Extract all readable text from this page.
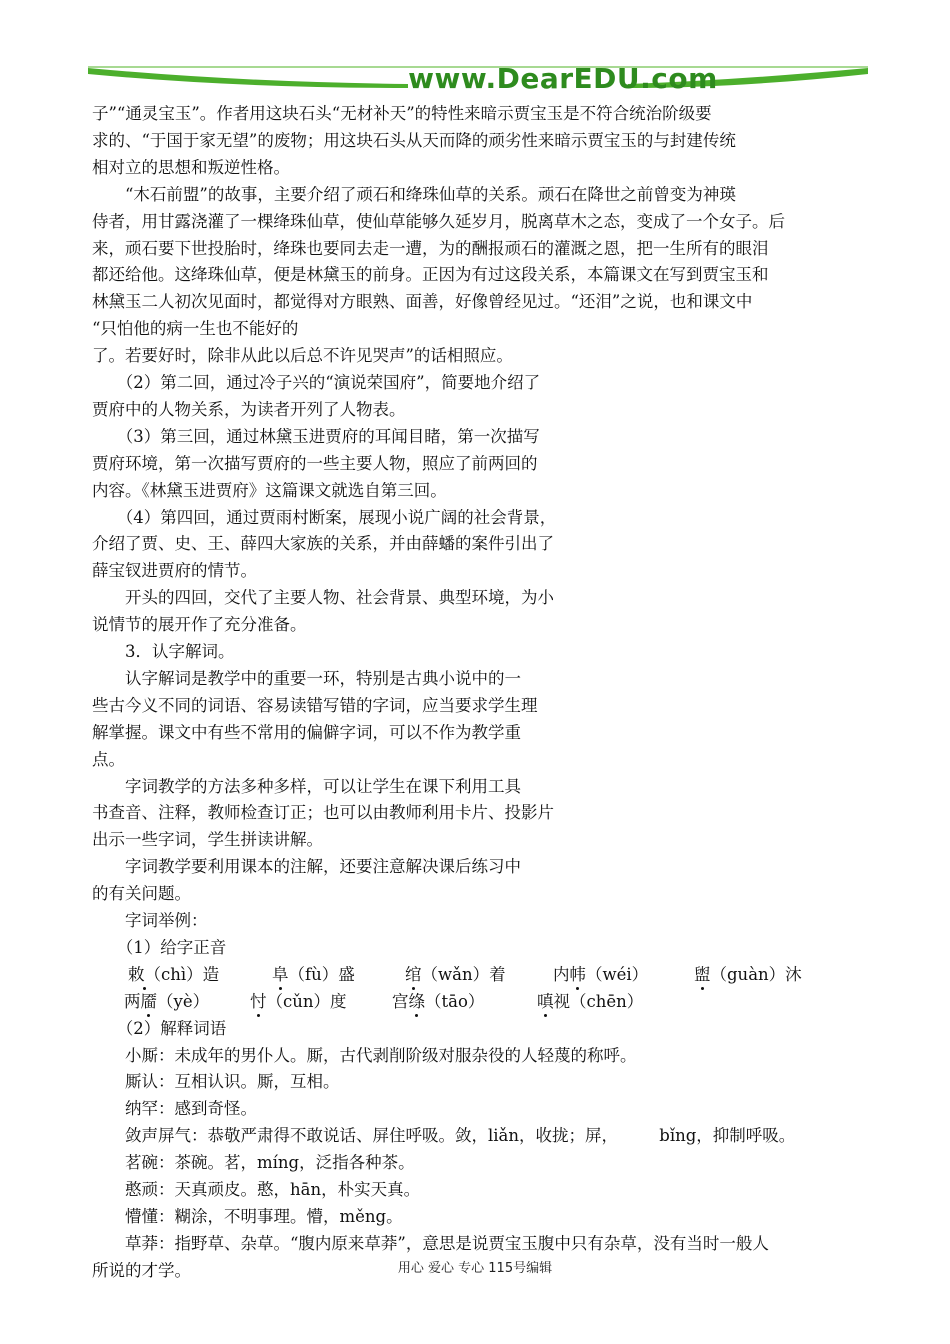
www.DearEDU.com
子”“通灵宝玉”。作者用这块石头“无材补天”的特性来暗示贾宝玉是不符合统治阶级要
求的、“于国于家无望”的废物；用这块石头从天而降的顽劣性来暗示贾宝玉的与封建传统
相对立的思想和叛逆性格。
　　“木石前盟”的故事，主要介绍了顽石和绛珠仙草的关系。顽石在降世之前曾变为神瑛
侍者，用甘露浇灌了一棵绛珠仙草，使仙草能够久延岁月，脱离草木之态，变成了一个女子。后
来，顽石要下世投胎时，绛珠也要同去走一遭，为的酬报顽石的灌溉之恩，把一生所有的眼泪
都还给他。这绛珠仙草，便是林黛玉的前身。正因为有过这段关系，本篇课文在写到贾宝玉和
林黛玉二人初次见面时，都觉得对方眼熟、面善，好像曾经见过。“还泪”之说，也和课文中
“只怕他的病一生也不能好的
了。若要好时，除非从此以后总不许见哭声”的话相照应。
　　（2）第二回，通过冷子兴的“演说荣国府”，简要地介绍了
贾府中的人物关系，为读者开列了人物表。
　　（3）第三回，通过林黛玉进贾府的耳闻目睹，第一次描写
贾府环境，第一次描写贾府的一些主要人物，照应了前两回的
内容。《林黛玉进贾府》这篇课文就选自第三回。
　　（4）第四回，通过贾雨村断案，展现小说广阔的社会背景，
介绍了贾、史、王、薛四大家族的关系，并由薛蟠的案件引出了
薛宝钗进贾府的情节。
　　开头的四回，交代了主要人物、社会背景、典型环境，为小
说情节的展开作了充分准备。
　　3．认字解词。
　　认字解词是教学中的重要一环，特别是古典小说中的一
些古今义不同的词语、容易读错写错的字词，应当要求学生理
解掌握。课文中有些不常用的偏僻字词，可以不作为教学重
点。
　　字词教学的方法多种多样，可以让学生在课下利用工具
书查音、注释，教师检查订正；也可以由教师利用卡片、投影片
出示一些字词，学生拼读讲解。
　　字词教学要利用课本的注解，还要注意解决课后练习中
的有关问题。
　　字词举例：
　　（1）给字正音
敕（chì）造	阜（fù）盛	绾（wǎn）着	内帏（wéi）	盥（guàn）沐
两靥（yè） 忖（cǔn）度	宫绦（tāo）	嗔视（chēn）
　　（2）解释词语
　　小厮：未成年的男仆人。厮，古代剥削阶级对服杂役的人轻蔑的称呼。
　　厮认：互相认识。厮，互相。
　　纳罕：感到奇怪。
　　敛声屏气：恭敬严肃得不敢说话、屏住呼吸。敛，liǎn，收拢；屏，　　　bǐng，抑制呼吸。
　　茗碗：茶碗。茗，míng，泛指各种茶。
　　憨顽：天真顽皮。憨，hān，朴实天真。
　　懵懂：糊涂，不明事理。懵，měng。
　　草莽：指野草、杂草。“腹内原来草莽”，意思是说贾宝玉腹中只有杂草，没有当时一般人
所说的才学。	用心 爱心 专心 115号编辑
